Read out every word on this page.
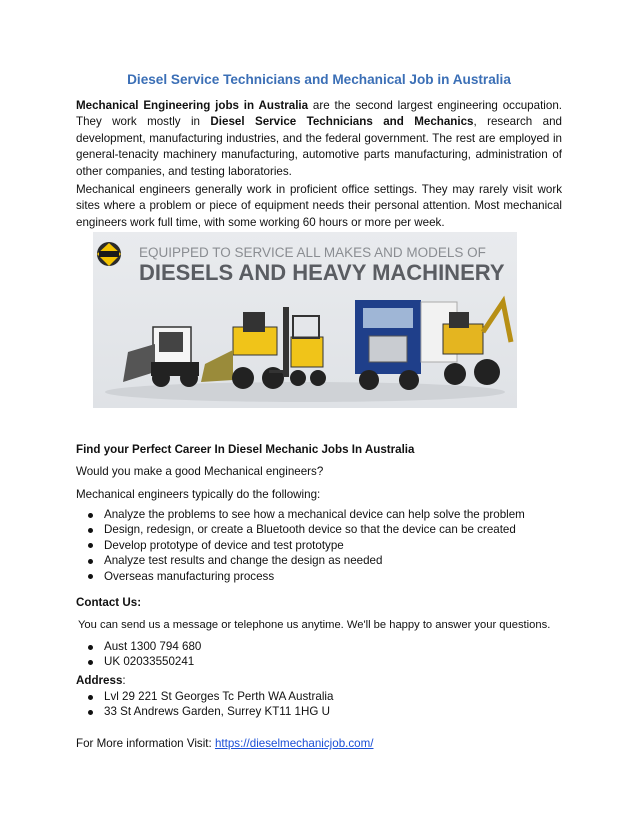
Diesel Service Technicians and Mechanical Job in Australia

Mechanical Engineering jobs in Australia are the second largest engineering occupation. They work mostly in Diesel Service Technicians and Mechanics, research and development, manufacturing industries, and the federal government. The rest are employed in general-tenacity machinery manufacturing, automotive parts manufacturing, administration of other companies, and testing laboratories.

Mechanical engineers generally work in proficient office settings. They may rarely visit work sites where a problem or piece of equipment needs their personal attention. Most mechanical engineers work full time, with some working 60 hours or more per week.

EQUIPPED TO SERVICE ALL MAKES AND MODELS OF
DIESELS AND HEAVY MACHINERY

Find your Perfect Career In Diesel Mechanic Jobs In Australia

Would you make a good Mechanical engineers?

Mechanical engineers typically do the following:

Analyze the problems to see how a mechanical device can help solve the problem
Design, redesign, or create a Bluetooth device so that the device can be created
Develop prototype of device and test prototype
Analyze test results and change the design as needed
Overseas manufacturing process

Contact Us:

You can send us a message or telephone us anytime. We'll be happy to answer your questions.

Aust 1300 794 680
UK 02033550241

Address:

Lvl 29 221 St Georges Tc Perth WA Australia
33 St Andrews Garden, Surrey KT11 1HG U

For More information Visit: https://dieselmechanicjob.com/
